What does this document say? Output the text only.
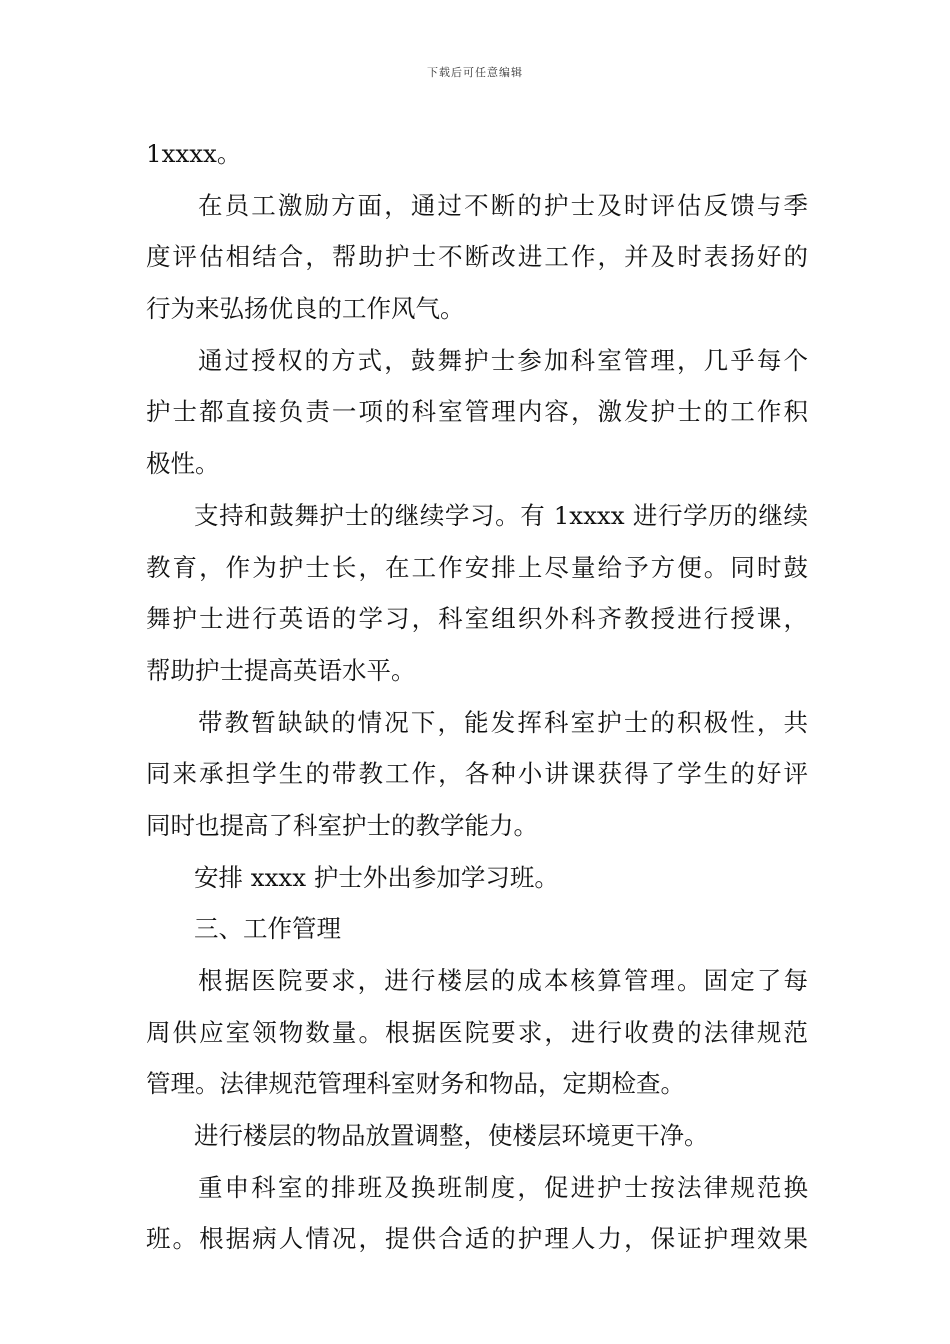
下载后可任意编辑
1xxxx。
在员工激励方面，通过不断的护士及时评估反馈与季
度评估相结合，帮助护士不断改进工作，并及时表扬好的
行为来弘扬优良的工作风气。
通过授权的方式，鼓舞护士参加科室管理，几乎每个
护士都直接负责一项的科室管理内容，激发护士的工作积
极性。
支持和鼓舞护士的继续学习。有 1xxxx 进行学历的继续
教育，作为护士长，在工作安排上尽量给予方便。同时鼓
舞护士进行英语的学习，科室组织外科齐教授进行授课，
帮助护士提高英语水平。
带教暂缺缺的情况下，能发挥科室护士的积极性，共
同来承担学生的带教工作，各种小讲课获得了学生的好评
同时也提高了科室护士的教学能力。
安排 xxxx 护士外出参加学习班。
三、工作管理
根据医院要求，进行楼层的成本核算管理。固定了每
周供应室领物数量。根据医院要求，进行收费的法律规范
管理。法律规范管理科室财务和物品，定期检查。
进行楼层的物品放置调整，使楼层环境更干净。
重申科室的排班及换班制度，促进护士按法律规范换
班。根据病人情况，提供合适的护理人力，保证护理效果
